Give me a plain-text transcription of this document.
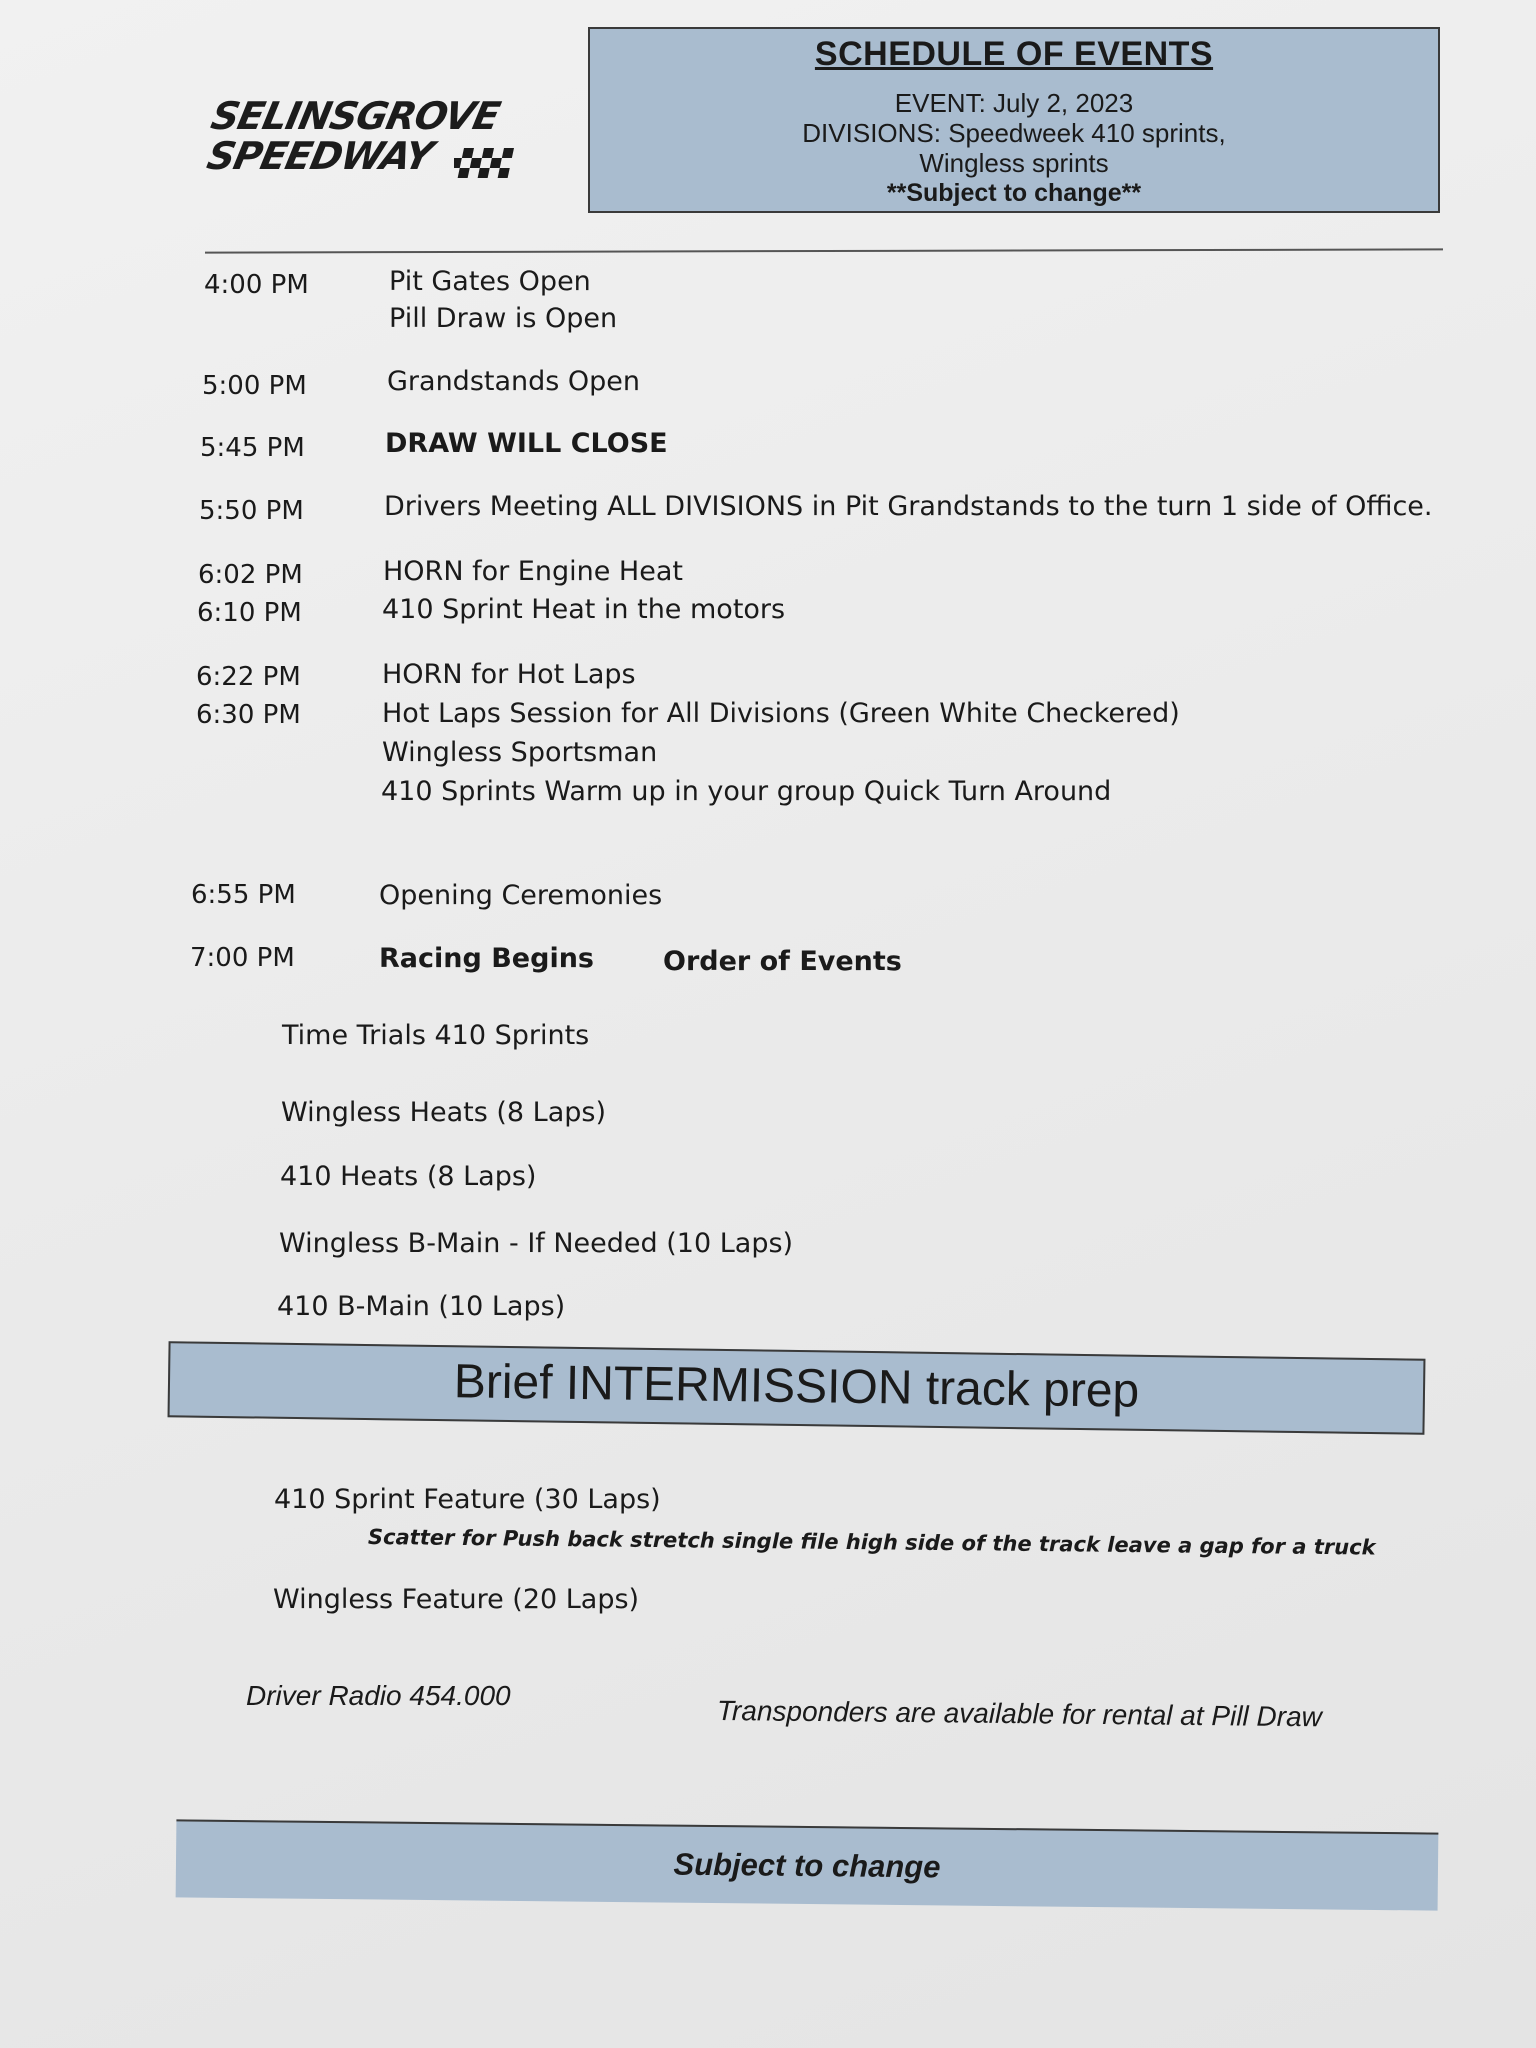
SELINSGROVE
SPEEDWAY
SCHEDULE OF EVENTS
EVENT: July 2, 2023
DIVISIONS: Speedweek 410 sprints,
Wingless sprints
**Subject to change**
4:00 PM	Pit Gates Open
Pill Draw is Open
5:00 PM	Grandstands Open
5:45 PM	DRAW WILL CLOSE
5:50 PM	Drivers Meeting ALL DIVISIONS in Pit Grandstands to the turn 1 side of Office.
6:02 PM	HORN for Engine Heat
6:10 PM	410 Sprint Heat in the motors
6:22 PM	HORN for Hot Laps
6:30 PM	Hot Laps Session for All Divisions (Green White Checkered)
Wingless Sportsman
410 Sprints Warm up in your group Quick Turn Around
6:55 PM	Opening Ceremonies
7:00 PM	Racing Begins	Order of Events
Time Trials 410 Sprints
Wingless Heats (8 Laps)
410 Heats (8 Laps)
Wingless B-Main - If Needed (10 Laps)
410 B-Main (10 Laps)
Brief INTERMISSION track prep
410 Sprint Feature (30 Laps)
Scatter for Push back stretch single file high side of the track leave a gap for a truck
Wingless Feature (20 Laps)
Driver Radio 454.000	Transponders are available for rental at Pill Draw
Subject to change
